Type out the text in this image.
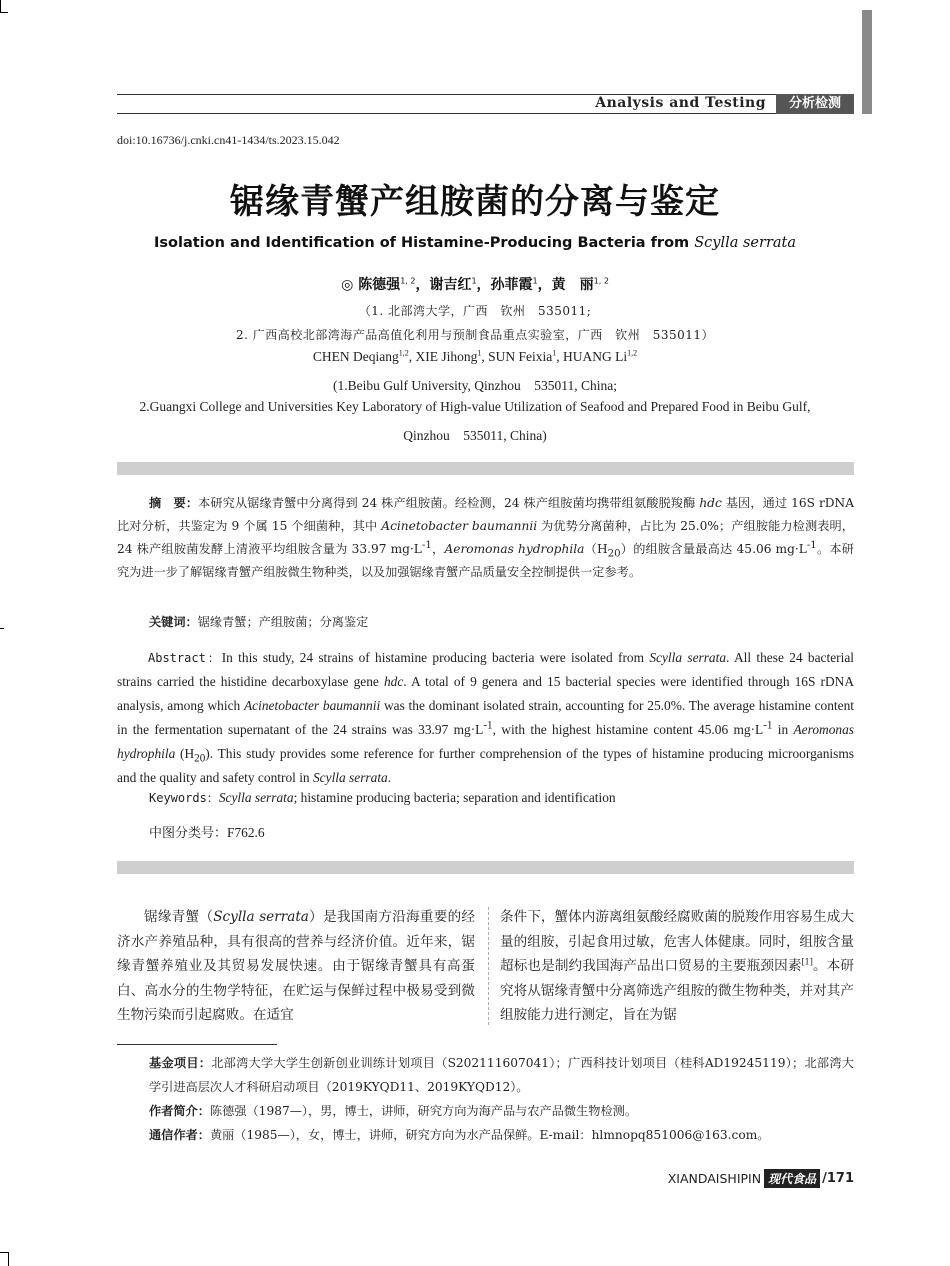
Analysis and Testing	分析检测
doi:10.16736/j.cnki.cn41-1434/ts.2023.15.042
锯缘青蟹产组胺菌的分离与鉴定
Isolation and Identification of Histamine-Producing Bacteria from Scylla serrata
◎ 陈德强$^{1, 2}$，谢吉红$^1$，孙菲霞$^1$，黄　丽$^{1, 2}$
（1. 北部湾大学，广西　钦州　535011;
2. 广西高校北部湾海产品高值化利用与预制食品重点实验室，广西　钦州　535011）
CHEN Deqiang$^{1,2}$, XIE Jihong$^1$, SUN Feixia$^1$, HUANG Li$^{1,2}$
(1.Beibu Gulf University, Qinzhou　535011, China;
2.Guangxi College and Universities Key Laboratory of High-value Utilization of Seafood and Prepared Food in Beibu Gulf,
Qinzhou　535011, China)
摘　要：本研究从锯缘青蟹中分离得到 24 株产组胺菌。经检测，24 株产组胺菌均携带组氨酸脱羧酶 hdc 基因，通过 16S rDNA 比对分析，共鉴定为 9 个属 15 个细菌种，其中 Acinetobacter baumannii 为优势分离菌种，占比为 25.0%；产组胺能力检测表明，24 株产组胺菌发酵上清液平均组胺含量为 33.97 $mg\cdot L^{-1}$，Aeromonas $hydrophila(H_{20})$的组胺含量最高达 45.06 $mg\cdot L^{-1}$。本研究为进一步了解锯缘青蟹产组胺微生物种类，以及加强锯缘青蟹产品质量安全控制提供一定参考。
关键词：锯缘青蟹；产组胺菌；分离鉴定
Abstract：In this study, 24 strains of histamine producing bacteria were isolated from Scylla serrata. All these 24 bacterial strains carried the histidine decarboxylase gene hdc. A total of 9 genera and 15 bacterial species were identified through 16S rDNA analysis, among which Acinetobacter baumannii was the dominant isolated strain, accounting for 25.0%. The average histamine content in the fermentation supernatant of the 24 strains was 33.97 $mg\cdot L^{-1}$, with the highest histamine content 45.06 $mg\cdot L^{-1}$ in Aeromonas hydrophila $(H_{20})$. This study provides some reference for further comprehension of the types of histamine producing microorganisms and the quality and safety control in Scylla serrata.
Keywords：Scylla serrata; histamine producing bacteria; separation and identification
中图分类号：F762.6
锯缘青蟹（Scylla serrata）是我国南方沿海重要的经济水产养殖品种，具有很高的营养与经济价值。近年来，锯缘青蟹养殖业及其贸易发展快速。由于锯缘青蟹具有高蛋白、高水分的生物学特征，在贮运与保鲜过程中极易受到微生物污染而引起腐败。在适宜
条件下，蟹体内游离组氨酸经腐败菌的脱羧作用容易生成大量的组胺，引起食用过敏，危害人体健康。同时，组胺含量超标也是制约我国海产品出口贸易的主要瓶颈因素[1]。本研究将从锯缘青蟹中分离筛选产组胺的微生物种类，并对其产组胺能力进行测定，旨在为锯
基金项目：北部湾大学大学生创新创业训练计划项目（S202111607041）；广西科技计划项目（桂科AD19245119）；北部湾大学引进高层次人才科研启动项目（2019KYQD11、2019KYQD12）。
作者简介：陈德强（1987—），男，博士，讲师，研究方向为海产品与农产品微生物检测。
通信作者：黄丽（1985—），女，博士，讲师，研究方向为水产品保鲜。E-mail：hlmnopq851006@163.com。
XIANDAISHIPIN 现代食品 /171
